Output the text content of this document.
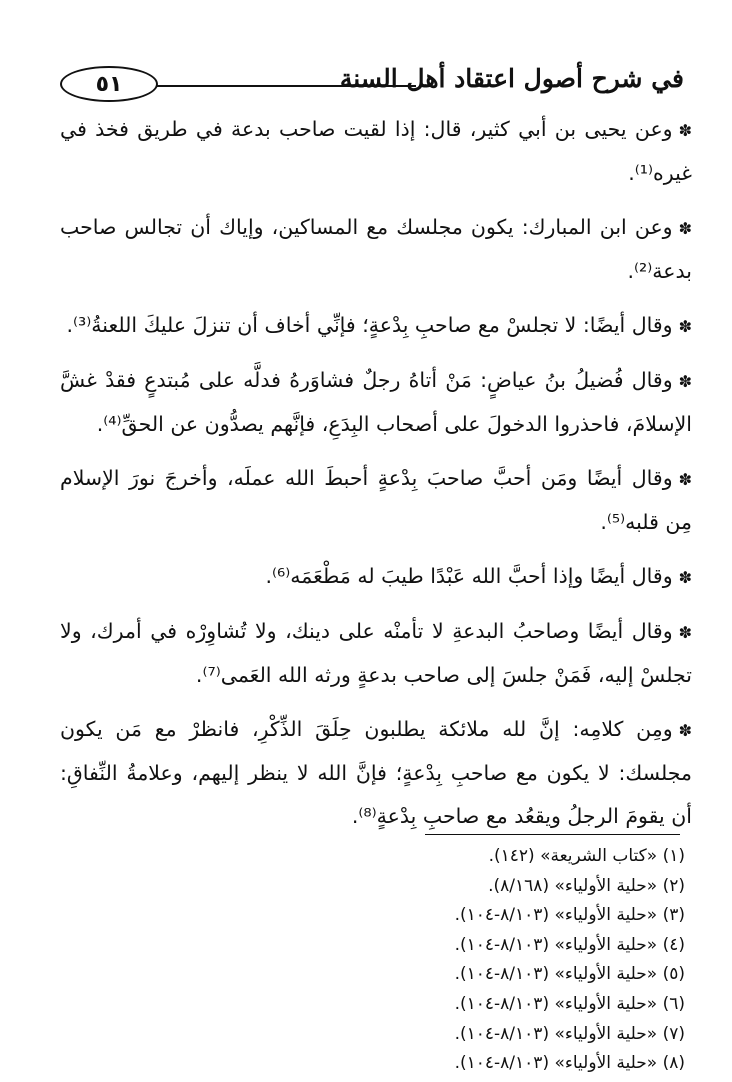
٥١	في شرح أصول اعتقاد أهل السنة

✽وعن يحيى بن أبي كثير، قال: إذا لقيت صاحب بدعة في طريق فخذ في غيره⁽¹⁾.

✽وعن ابن المبارك: يكون مجلسك مع المساكين، وإياك أن تجالس صاحب بدعة⁽²⁾.

✽وقال أيضًا: لا تجلسْ مع صاحبِ بِدْعةٍ؛ فإنِّي أخاف أن تنزلَ عليكَ اللعنةُ⁽³⁾.

✽وقال فُضيلُ بنُ عياضٍ: مَنْ أتاهُ رجلٌ فشاوَرهُ فدلَّه على مُبتدعٍ فقدْ غشَّ الإسلامَ، فاحذروا الدخولَ على أصحاب البِدَعِ، فإنَّهم يصدُّون عن الحقِّ⁽⁴⁾.

✽وقال أيضًا ومَن أحبَّ صاحبَ بِدْعةٍ أحبطَ الله عملَه، وأخرجَ نورَ الإسلام مِن قلبه⁽⁵⁾.

✽وقال أيضًا وإذا أحبَّ الله عَبْدًا طيبَ له مَطْعَمَه⁽⁶⁾.

✽وقال أيضًا وصاحبُ البدعةِ لا تأمنْه على دينك، ولا تُشاوِرْه في أمرك، ولا تجلسْ إليه، فَمَنْ جلسَ إلى صاحب بدعةٍ ورثه الله العَمى⁽⁷⁾.

✽ومِن كلامِه: إنَّ لله ملائكة يطلبون حِلَقَ الذِّكْرِ، فانظرْ مع مَن يكون مجلسك: لا يكون مع صاحبِ بِدْعةٍ؛ فإنَّ الله لا ينظر إليهم، وعلامةُ النِّفاقِ: أن يقومَ الرجلُ ويقعُد مع صاحبِ بِدْعةٍ⁽⁸⁾.

(١) «كتاب الشريعة» (١٤٢).
(٢) «حلية الأولياء» (٨/١٦٨).
(٣) «حلية الأولياء» (٨/١٠٣-١٠٤).
(٤) «حلية الأولياء» (٨/١٠٣-١٠٤).
(٥) «حلية الأولياء» (٨/١٠٣-١٠٤).
(٦) «حلية الأولياء» (٨/١٠٣-١٠٤).
(٧) «حلية الأولياء» (٨/١٠٣-١٠٤).
(٨) «حلية الأولياء» (٨/١٠٣-١٠٤).
